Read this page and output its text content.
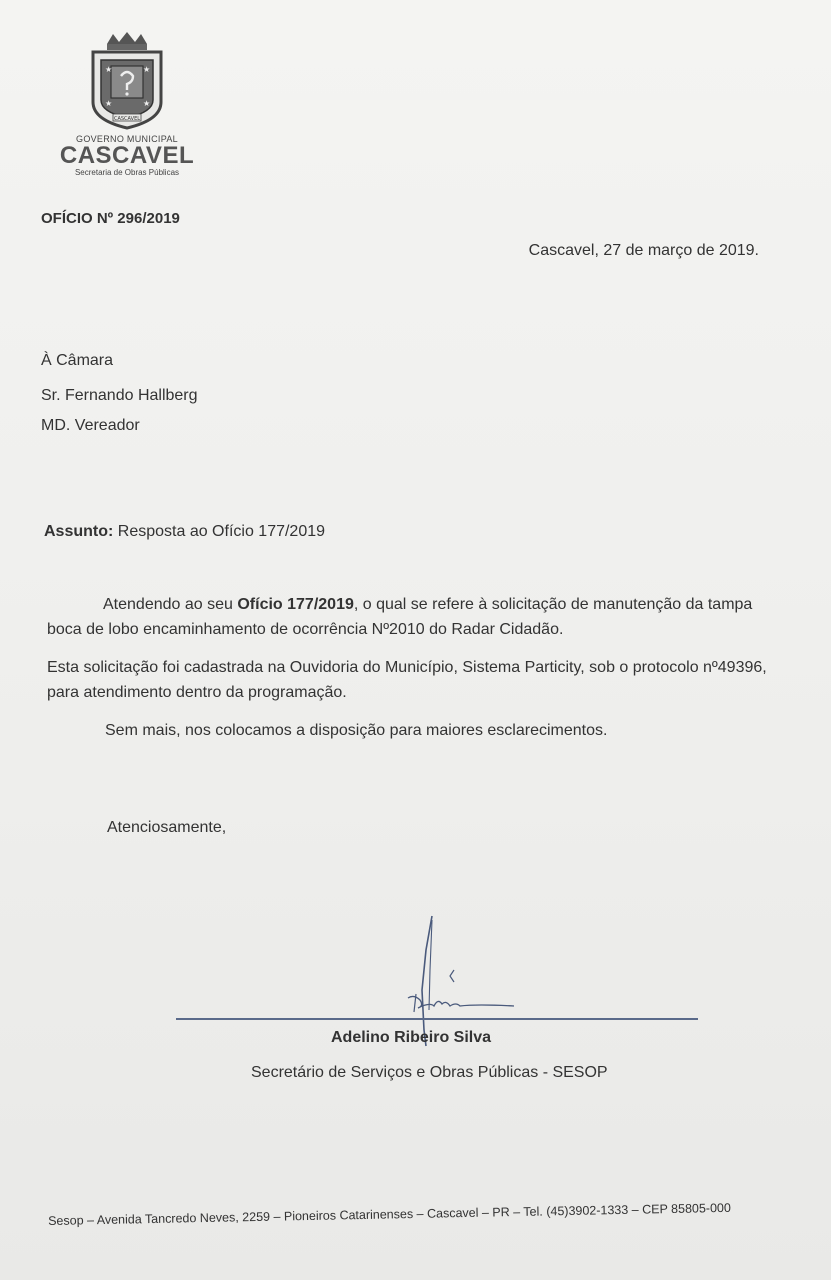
★	★
★	★
CASCAVEL
GOVERNO MUNICIPAL
CASCAVEL
Secretaria de Obras Públicas
OFÍCIO Nº 296/2019
Cascavel, 27 de março de 2019.
À Câmara
Sr. Fernando Hallberg
MD. Vereador
Assunto: Resposta ao Ofício 177/2019
Atendendo ao seu Ofício 177/2019, o qual se refere à solicitação de manutenção da tampa boca de lobo encaminhamento de ocorrência Nº2010 do Radar Cidadão.
Esta solicitação foi cadastrada na Ouvidoria do Município, Sistema Particity, sob o protocolo nº49396, para atendimento dentro da programação.
Sem mais, nos colocamos a disposição para maiores esclarecimentos.
Atenciosamente,
Adelino Ribeiro Silva
Secretário de Serviços e Obras Públicas - SESOP
Sesop – Avenida Tancredo Neves, 2259 – Pioneiros Catarinenses – Cascavel – PR – Tel. (45)3902-1333 – CEP 85805-000
